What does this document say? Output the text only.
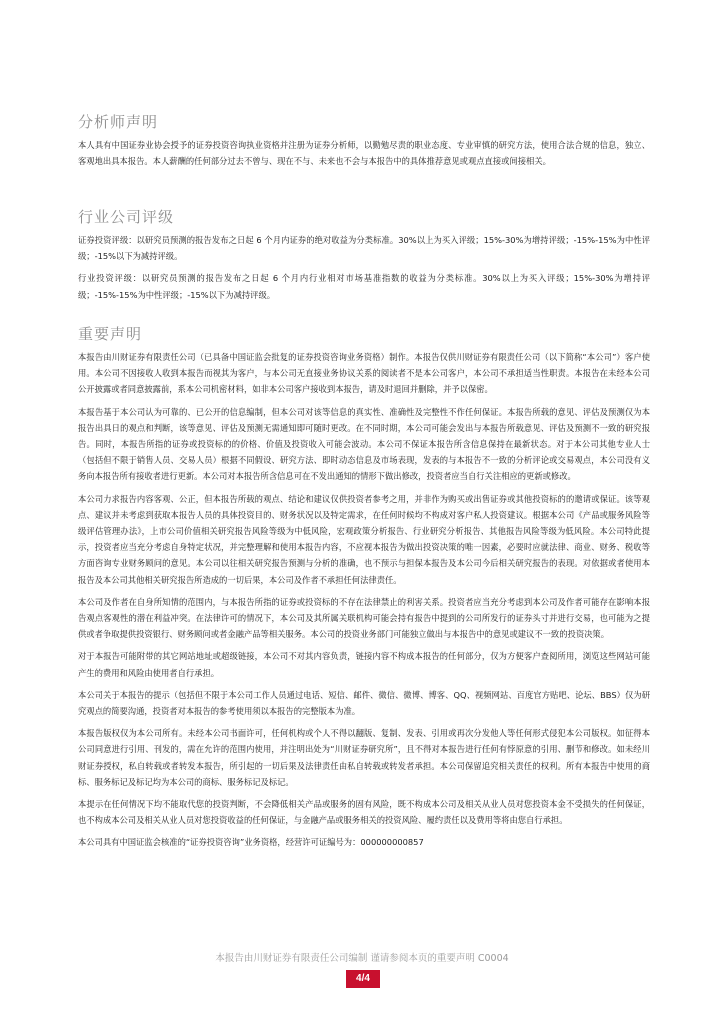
分析师声明

本人具有中国证券业协会授予的证券投资咨询执业资格并注册为证券分析师，以勤勉尽责的职业态度、专业审慎的研究方法，使用合法合规的信息，独立、客观地出具本报告。本人薪酬的任何部分过去不曾与、现在不与、未来也不会与本报告中的具体推荐意见或观点直接或间接相关。

行业公司评级

证券投资评级：以研究员预测的报告发布之日起 6 个月内证券的绝对收益为分类标准。30%以上为买入评级；15%-30%为增持评级；-15%-15%为中性评级；-15%以下为减持评级。

行业投资评级：以研究员预测的报告发布之日起 6 个月内行业相对市场基准指数的收益为分类标准。30%以上为买入评级；15%-30%为增持评级；-15%-15%为中性评级；-15%以下为减持评级。

重要声明

本报告由川财证券有限责任公司（已具备中国证监会批复的证券投资咨询业务资格）制作。本报告仅供川财证券有限责任公司（以下简称“本公司”）客户使用。本公司不因接收人收到本报告而视其为客户，与本公司无直接业务协议关系的阅读者不是本公司客户，本公司不承担适当性职责。本报告在未经本公司公开披露或者同意披露前，系本公司机密材料，如非本公司客户接收到本报告，请及时退回并删除，并予以保密。

本报告基于本公司认为可靠的、已公开的信息编制，但本公司对该等信息的真实性、准确性及完整性不作任何保证。本报告所载的意见、评估及预测仅为本报告出具日的观点和判断，该等意见、评估及预测无需通知即可随时更改。在不同时期，本公司可能会发出与本报告所载意见、评估及预测不一致的研究报告。同时，本报告所指的证券或投资标的的价格、价值及投资收入可能会波动。本公司不保证本报告所含信息保持在最新状态。对于本公司其他专业人士（包括但不限于销售人员、交易人员）根据不同假设、研究方法、即时动态信息及市场表现，发表的与本报告不一致的分析评论或交易观点，本公司没有义务向本报告所有接收者进行更新。本公司对本报告所含信息可在不发出通知的情形下做出修改，投资者应当自行关注相应的更新或修改。

本公司力求报告内容客观、公正，但本报告所载的观点、结论和建议仅供投资者参考之用，并非作为购买或出售证券或其他投资标的的邀请或保证。该等观点、建议并未考虑到获取本报告人员的具体投资目的、财务状况以及特定需求，在任何时候均不构成对客户私人投资建议。根据本公司《产品或服务风险等级评估管理办法》，上市公司价值相关研究报告风险等级为中低风险，宏观政策分析报告、行业研究分析报告、其他报告风险等级为低风险。本公司特此提示，投资者应当充分考虑自身特定状况，并完整理解和使用本报告内容，不应视本报告为做出投资决策的唯一因素，必要时应就法律、商业、财务、税收等方面咨询专业财务顾问的意见。本公司以往相关研究报告预测与分析的准确，也不预示与担保本报告及本公司今后相关研究报告的表现。对依据或者使用本报告及本公司其他相关研究报告所造成的一切后果，本公司及作者不承担任何法律责任。

本公司及作者在自身所知情的范围内，与本报告所指的证券或投资标的不存在法律禁止的利害关系。投资者应当充分考虑到本公司及作者可能存在影响本报告观点客观性的潜在利益冲突。在法律许可的情况下，本公司及其所属关联机构可能会持有报告中提到的公司所发行的证券头寸并进行交易，也可能为之提供或者争取提供投资银行、财务顾问或者金融产品等相关服务。本公司的投资业务部门可能独立做出与本报告中的意见或建议不一致的投资决策。

对于本报告可能附带的其它网站地址或超级链接，本公司不对其内容负责，链接内容不构成本报告的任何部分，仅为方便客户查阅所用，浏览这些网站可能产生的费用和风险由使用者自行承担。

本公司关于本报告的提示（包括但不限于本公司工作人员通过电话、短信、邮件、微信、微博、博客、QQ、视频网站、百度官方贴吧、论坛、BBS）仅为研究观点的简要沟通，投资者对本报告的参考使用须以本报告的完整版本为准。

本报告版权仅为本公司所有。未经本公司书面许可，任何机构或个人不得以翻版、复制、发表、引用或再次分发他人等任何形式侵犯本公司版权。如征得本公司同意进行引用、刊发的，需在允许的范围内使用，并注明出处为“川财证券研究所”，且不得对本报告进行任何有悖原意的引用、删节和修改。如未经川财证券授权，私自转载或者转发本报告，所引起的一切后果及法律责任由私自转载或转发者承担。本公司保留追究相关责任的权利。所有本报告中使用的商标、服务标记及标记均为本公司的商标、服务标记及标记。

本提示在任何情况下均不能取代您的投资判断，不会降低相关产品或服务的固有风险，既不构成本公司及相关从业人员对您投资本金不受损失的任何保证，也不构成本公司及相关从业人员对您投资收益的任何保证，与金融产品或服务相关的投资风险、履约责任以及费用等将由您自行承担。

本公司具有中国证监会核准的“证券投资咨询”业务资格，经营许可证编号为：000000000857

本报告由川财证券有限责任公司编制 谨请参阅本页的重要声明 C0004
4/4
